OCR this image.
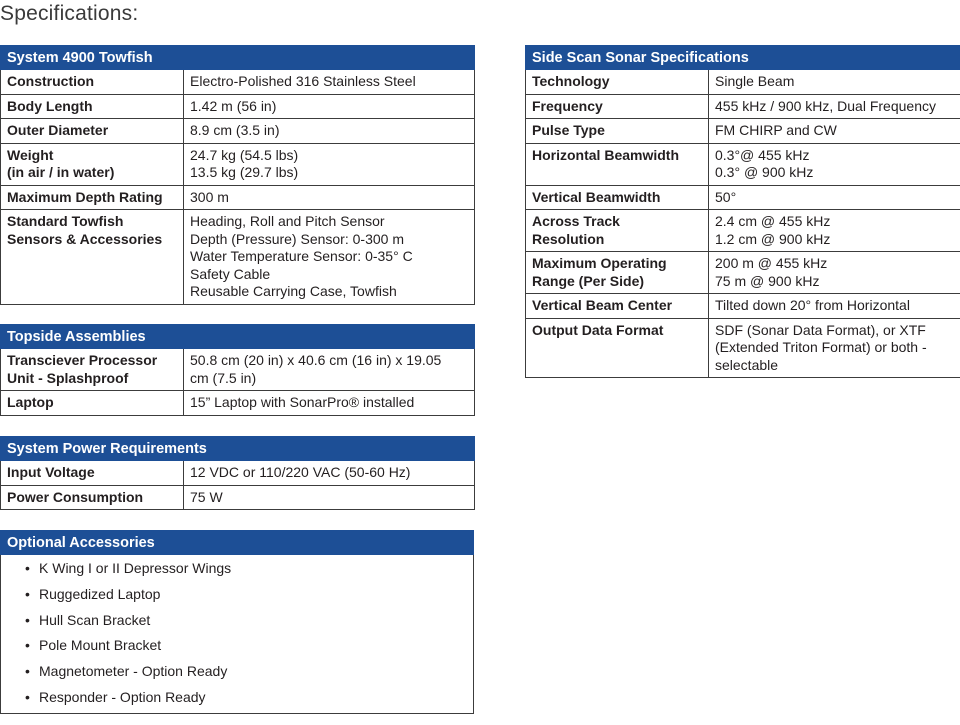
Specifications:
System 4900 Towfish	

Construction	Electro-Polished 316 Stainless Steel

Body Length	1.42 m (56 in)

Outer Diameter	8.9 cm (3.5 in)

Weight
(in air / in water)	24.7 kg (54.5 lbs)
13.5 kg (29.7 lbs)

Maximum Depth Rating	300 m

Standard Towfish
Sensors & Accessories	Heading, Roll and Pitch Sensor
Depth (Pressure) Sensor: 0-300 m
Water Temperature Sensor: 0-35° C
Safety Cable
Reusable Carrying Case, Towfish
Topside Assemblies	

Transciever Processor
Unit - Splashproof	50.8 cm (20 in) x 40.6 cm (16 in) x 19.05
cm (7.5 in)

Laptop	15” Laptop with SonarPro® installed
System Power Requirements	

Input Voltage	12 VDC or 110/220 VAC (50-60 Hz)

Power Consumption	75 W
Optional Accessories

• K Wing I or II Depressor Wings
• Ruggedized Laptop
• Hull Scan Bracket
• Pole Mount Bracket
• Magnetometer - Option Ready
• Responder - Option Ready
Side Scan Sonar Specifications	

Technology	Single Beam

Frequency	455 kHz / 900 kHz, Dual Frequency

Pulse Type	FM CHIRP and CW

Horizontal Beamwidth	0.3°@ 455 kHz
0.3° @ 900 kHz

Vertical Beamwidth	50°

Across Track
Resolution	2.4 cm @ 455 kHz
1.2 cm @ 900 kHz

Maximum Operating
Range (Per Side)	200 m @ 455 kHz
75 m @ 900 kHz

Vertical Beam Center	Tilted down 20° from Horizontal

Output Data Format	SDF (Sonar Data Format), or XTF
(Extended Triton Format) or both -
selectable
